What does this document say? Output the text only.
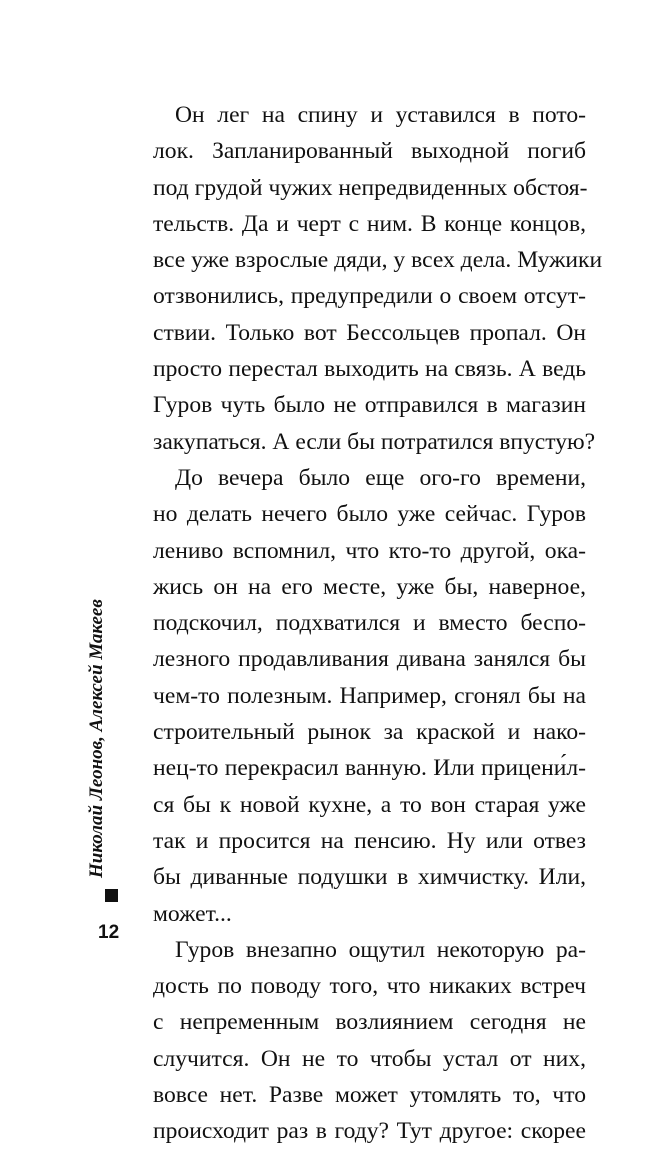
Он лег на спину и уставился в пото-
лок. Запланированный выходной погиб
под грудой чужих непредвиденных обстоя-
тельств. Да и черт с ним. В конце концов,
все уже взрослые дяди, у всех дела. Мужики
отзвонились, предупредили о своем отсут-
ствии. Только вот Бессольцев пропал. Он
просто перестал выходить на связь. А ведь
Гуров чуть было не отправился в магазин
закупаться. А если бы потратился впустую?
До вечера было еще ого-го времени,
но делать нечего было уже сейчас. Гуров
лениво вспомнил, что кто-то другой, ока-
жись он на его месте, уже бы, наверное,
подскочил, подхватился и вместо беспо-
лезного продавливания дивана занялся бы
чем-то полезным. Например, сгонял бы на
строительный рынок за краской и нако-
нец-то перекрасил ванную. Или прицени́л-
ся бы к новой кухне, а то вон старая уже
так и просится на пенсию. Ну или отвез
бы диванные подушки в химчистку. Или,
может...
Гуров внезапно ощутил некоторую ра-
дость по поводу того, что никаких встреч
с непременным возлиянием сегодня не
случится. Он не то чтобы устал от них,
вовсе нет. Разве может утомлять то, что
происходит раз в году? Тут другое: скорее
Николай Леонов, Алексей Макеев
12
